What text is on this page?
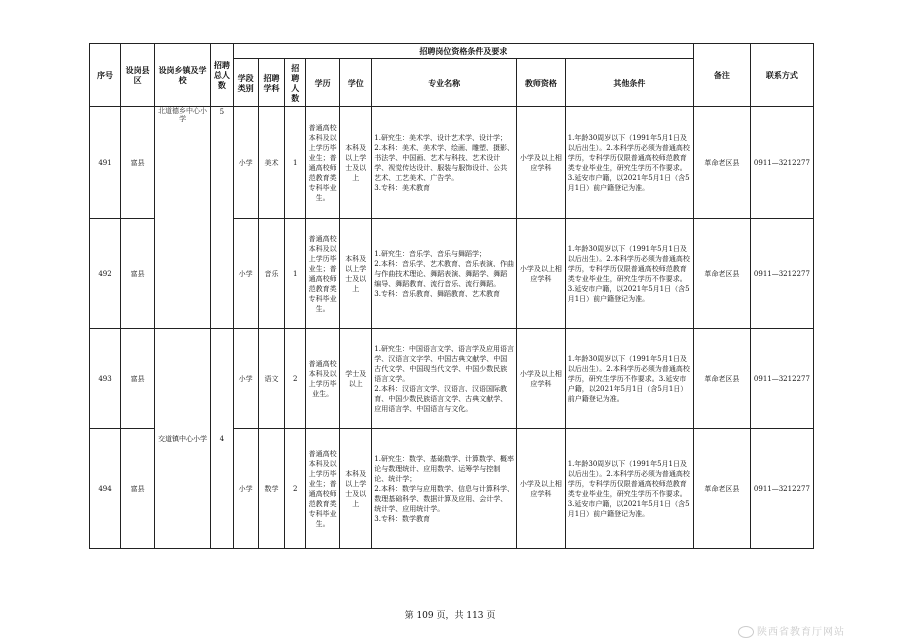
序号	设岗县区	设岗乡镇及学校	招聘总人数	招聘岗位资格条件及要求								备注	联系方式
				学段类别	招聘学科	招聘人数	学历	学位	专业名称	教师资格	其他条件		
491	富县	北道德乡中心小学	5	小学	美术	1	普通高校本科及以上学历毕业生；普通高校师范教育类专科毕业生。	本科及以上学士及以上	1.研究生：美术学、设计艺术学、设计学；
2.本科：美术、美术学、绘画、雕塑、摄影、书法学、中国画、艺术与科技、艺术设计学、视觉传达设计、服装与服饰设计、公共艺术、工艺美术、广告学。
3.专科：美术教育	小学及以上相应学科	1.年龄30周岁以下（1991年5月1日及以后出生）。2.本科学历必须为普通高校学历，专科学历仅限普通高校师范教育类专业毕业生，研究生学历不作要求。3.延安市户籍，以2021年5月1日（含5月1日）前户籍登记为准。	革命老区县	0911—3212277
492	富县			小学	音乐	1	普通高校本科及以上学历毕业生；普通高校师范教育类专科毕业生。	本科及以上学士及以上	1.研究生：音乐学、音乐与舞蹈学；
2.本科：音乐学、艺术教育、音乐表演、作曲与作曲技术理论、舞蹈表演、舞蹈学、舞蹈编导、舞蹈教育、流行音乐、流行舞蹈。
3.专科：音乐教育、舞蹈教育、艺术教育	小学及以上相应学科	1.年龄30周岁以下（1991年5月1日及以后出生）。2.本科学历必须为普通高校学历，专科学历仅限普通高校师范教育类专业毕业生，研究生学历不作要求。3.延安市户籍，以2021年5月1日（含5月1日）前户籍登记为准。	革命老区县	0911—3212277
493	富县	交道镇中心小学	4	小学	语文	2	普通高校本科及以上学历毕业生。	学士及以上	1.研究生：中国语言文学、语言学及应用语言学、汉语言文字学、中国古典文献学、中国古代文学、中国现当代文学、中国少数民族语言文学。
2.本科：汉语言文学、汉语言、汉语国际教育、中国少数民族语言文学、古典文献学、应用语言学、中国语言与文化。	小学及以上相应学科	1.年龄30周岁以下（1991年5月1日及以后出生）。2.本科学历必须为普通高校学历，研究生学历不作要求。3.延安市户籍，以2021年5月1日（含5月1日）前户籍登记为准。	革命老区县	0911—3212277
494	富县			小学	数学	2	普通高校本科及以上学历毕业生；普通高校师范教育类专科毕业生。	本科及以上学士及以上	1.研究生：数学、基础数学、计算数学、概率论与数理统计、应用数学、运筹学与控制论、统计学；
2.本科：数学与应用数学、信息与计算科学、数理基础科学、数据计算及应用、会计学、统计学、应用统计学。
3.专科：数学教育	小学及以上相应学科	1.年龄30周岁以下（1991年5月1日及以后出生）。2.本科学历必须为普通高校学历，专科学历仅限普通高校师范教育类专业毕业生，研究生学历不作要求。3.延安市户籍，以2021年5月1日（含5月1日）前户籍登记为准。	革命老区县	0911—3212277
第 109 页，共 113 页
陕西省教育厅网站
